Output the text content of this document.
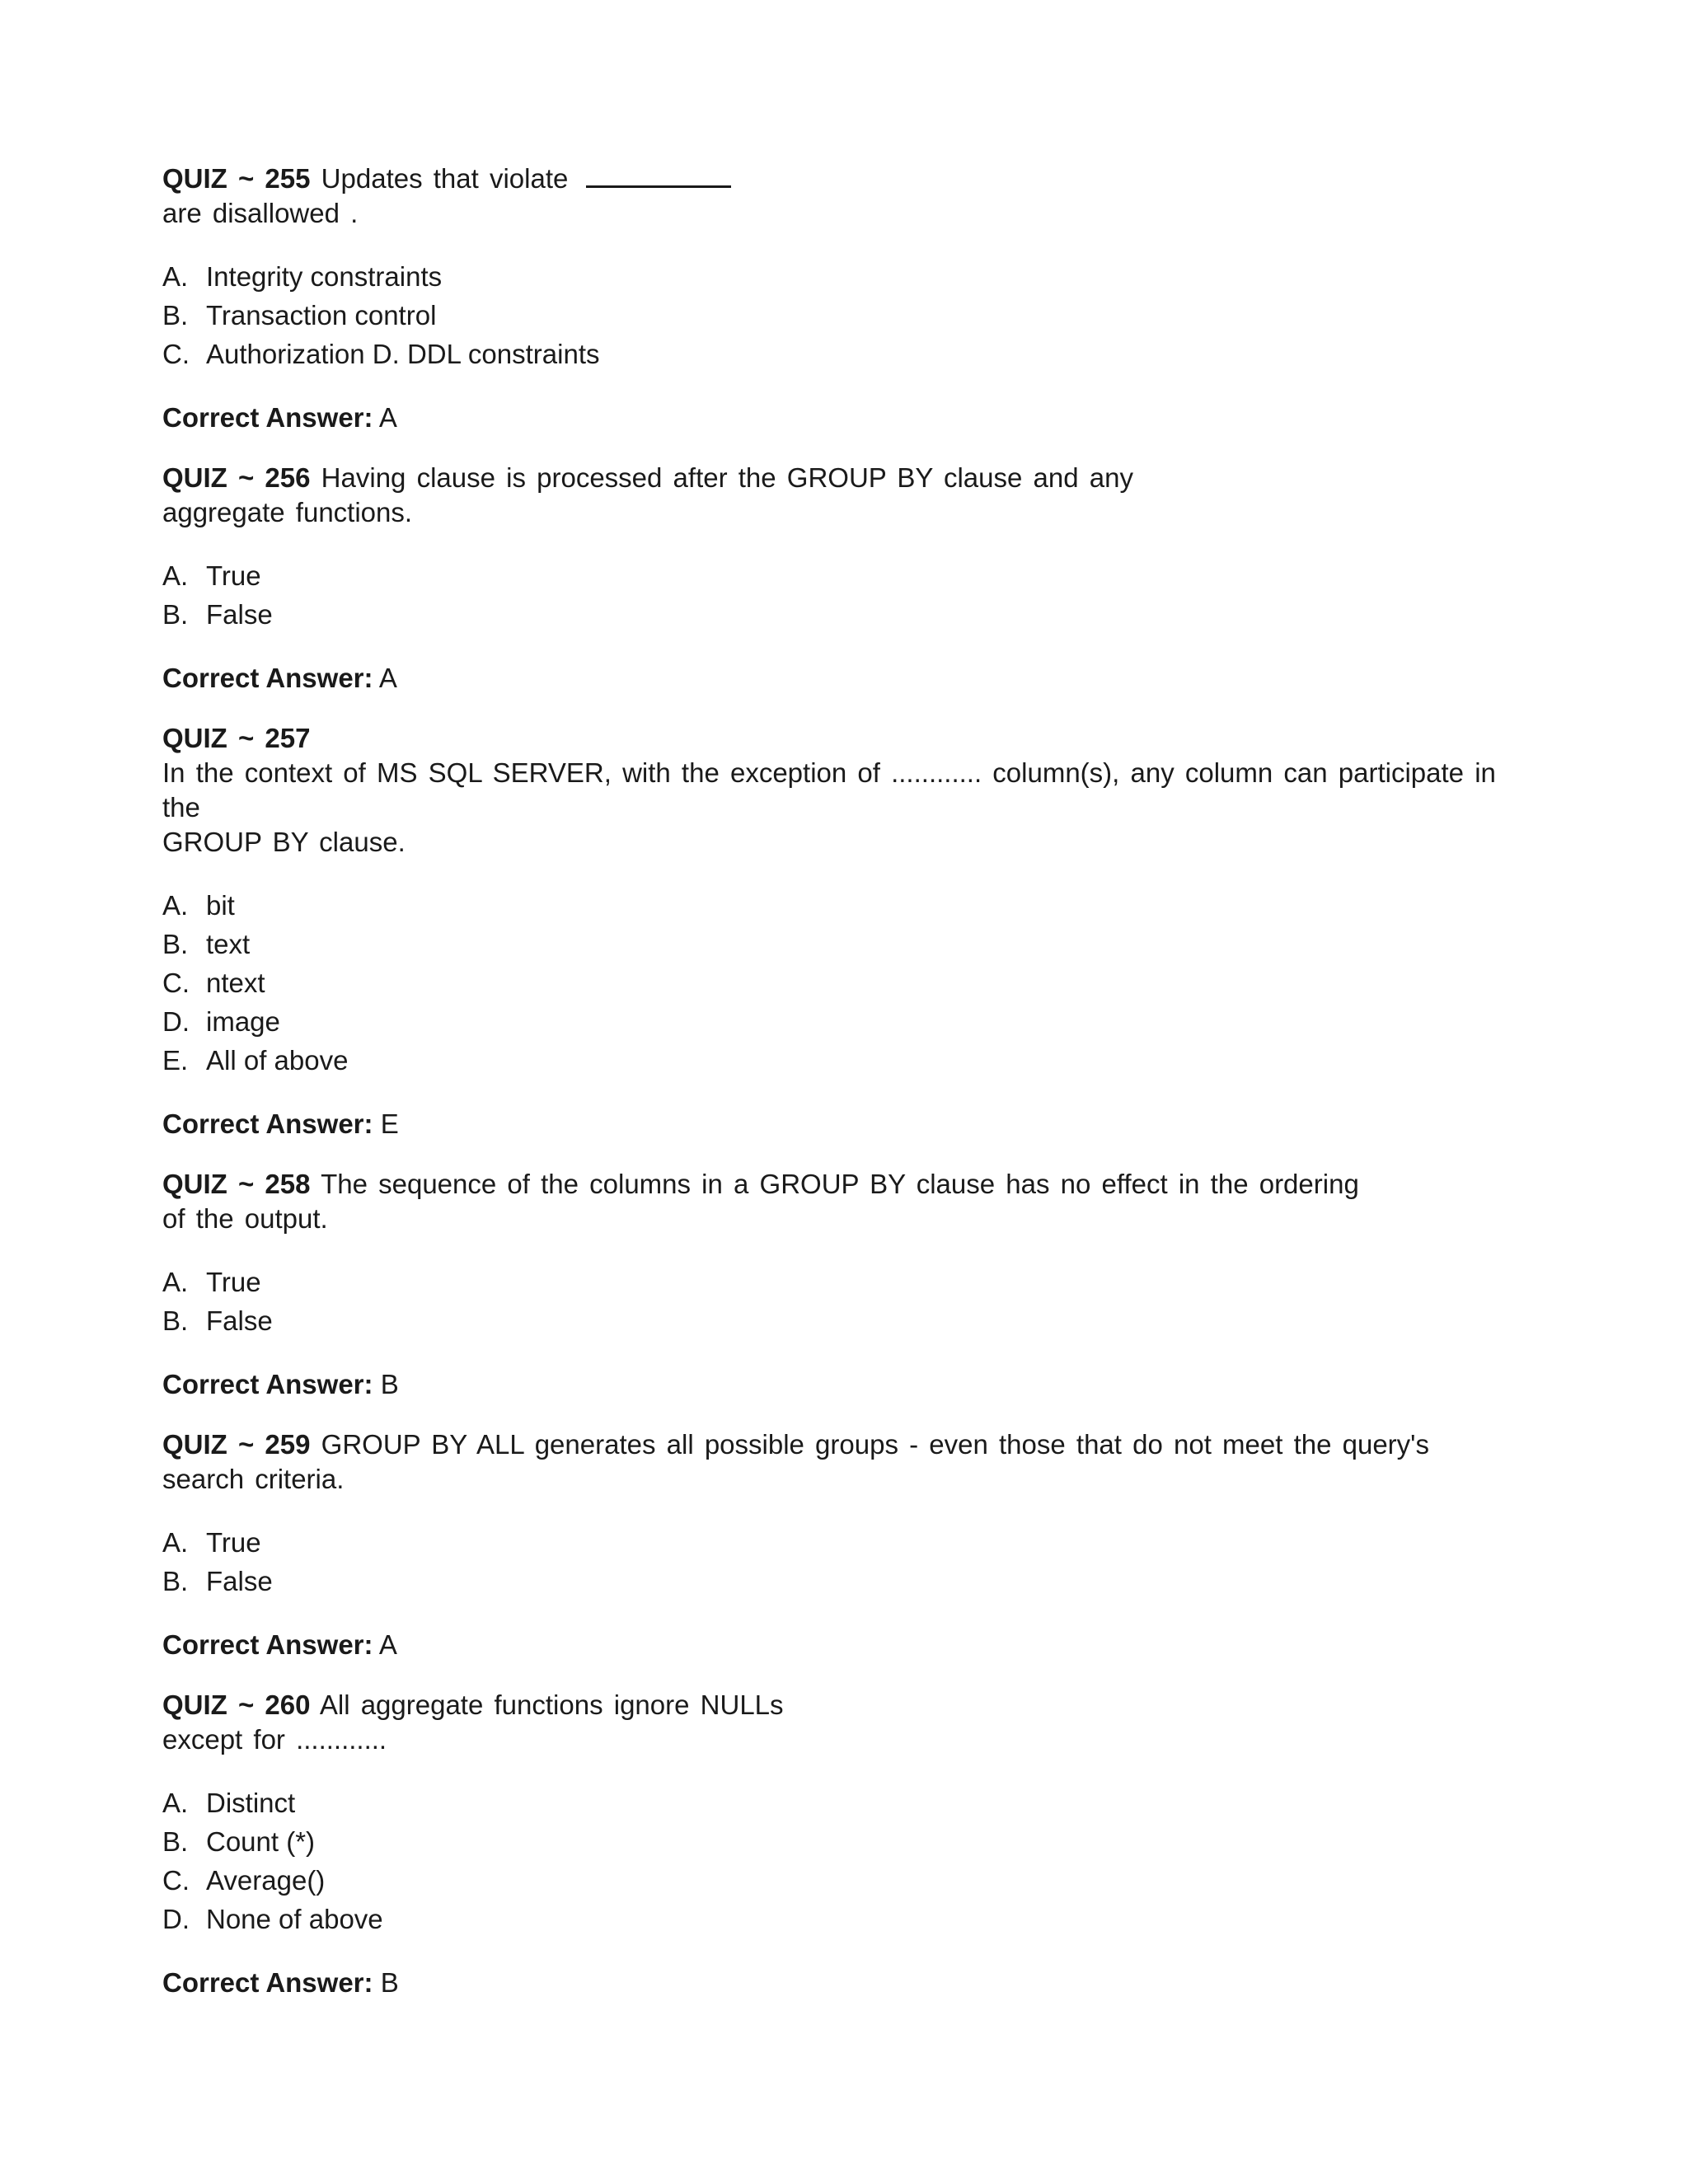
QUIZ ~ 255 Updates that violate
are disallowed .

A. Integrity constraints
B. Transaction control
C. Authorization D. DDL constraints

Correct Answer: A

QUIZ ~ 256 Having clause is processed after the GROUP BY clause and any
aggregate functions.

A. True
B. False

Correct Answer: A

QUIZ ~ 257
In the context of MS SQL SERVER, with the exception of ............ column(s), any column can participate in the
GROUP BY clause.

A. bit
B. text
C. ntext
D. image
E. All of above

Correct Answer: E

QUIZ ~ 258 The sequence of the columns in a GROUP BY clause has no effect in the ordering
of the output.

A. True
B. False

Correct Answer: B

QUIZ ~ 259 GROUP BY ALL generates all possible groups - even those that do not meet the query's
search criteria.

A. True
B. False

Correct Answer: A

QUIZ ~ 260 All aggregate functions ignore NULLs
except for ............

A. Distinct
B. Count (*)
C. Average()
D. None of above

Correct Answer: B
